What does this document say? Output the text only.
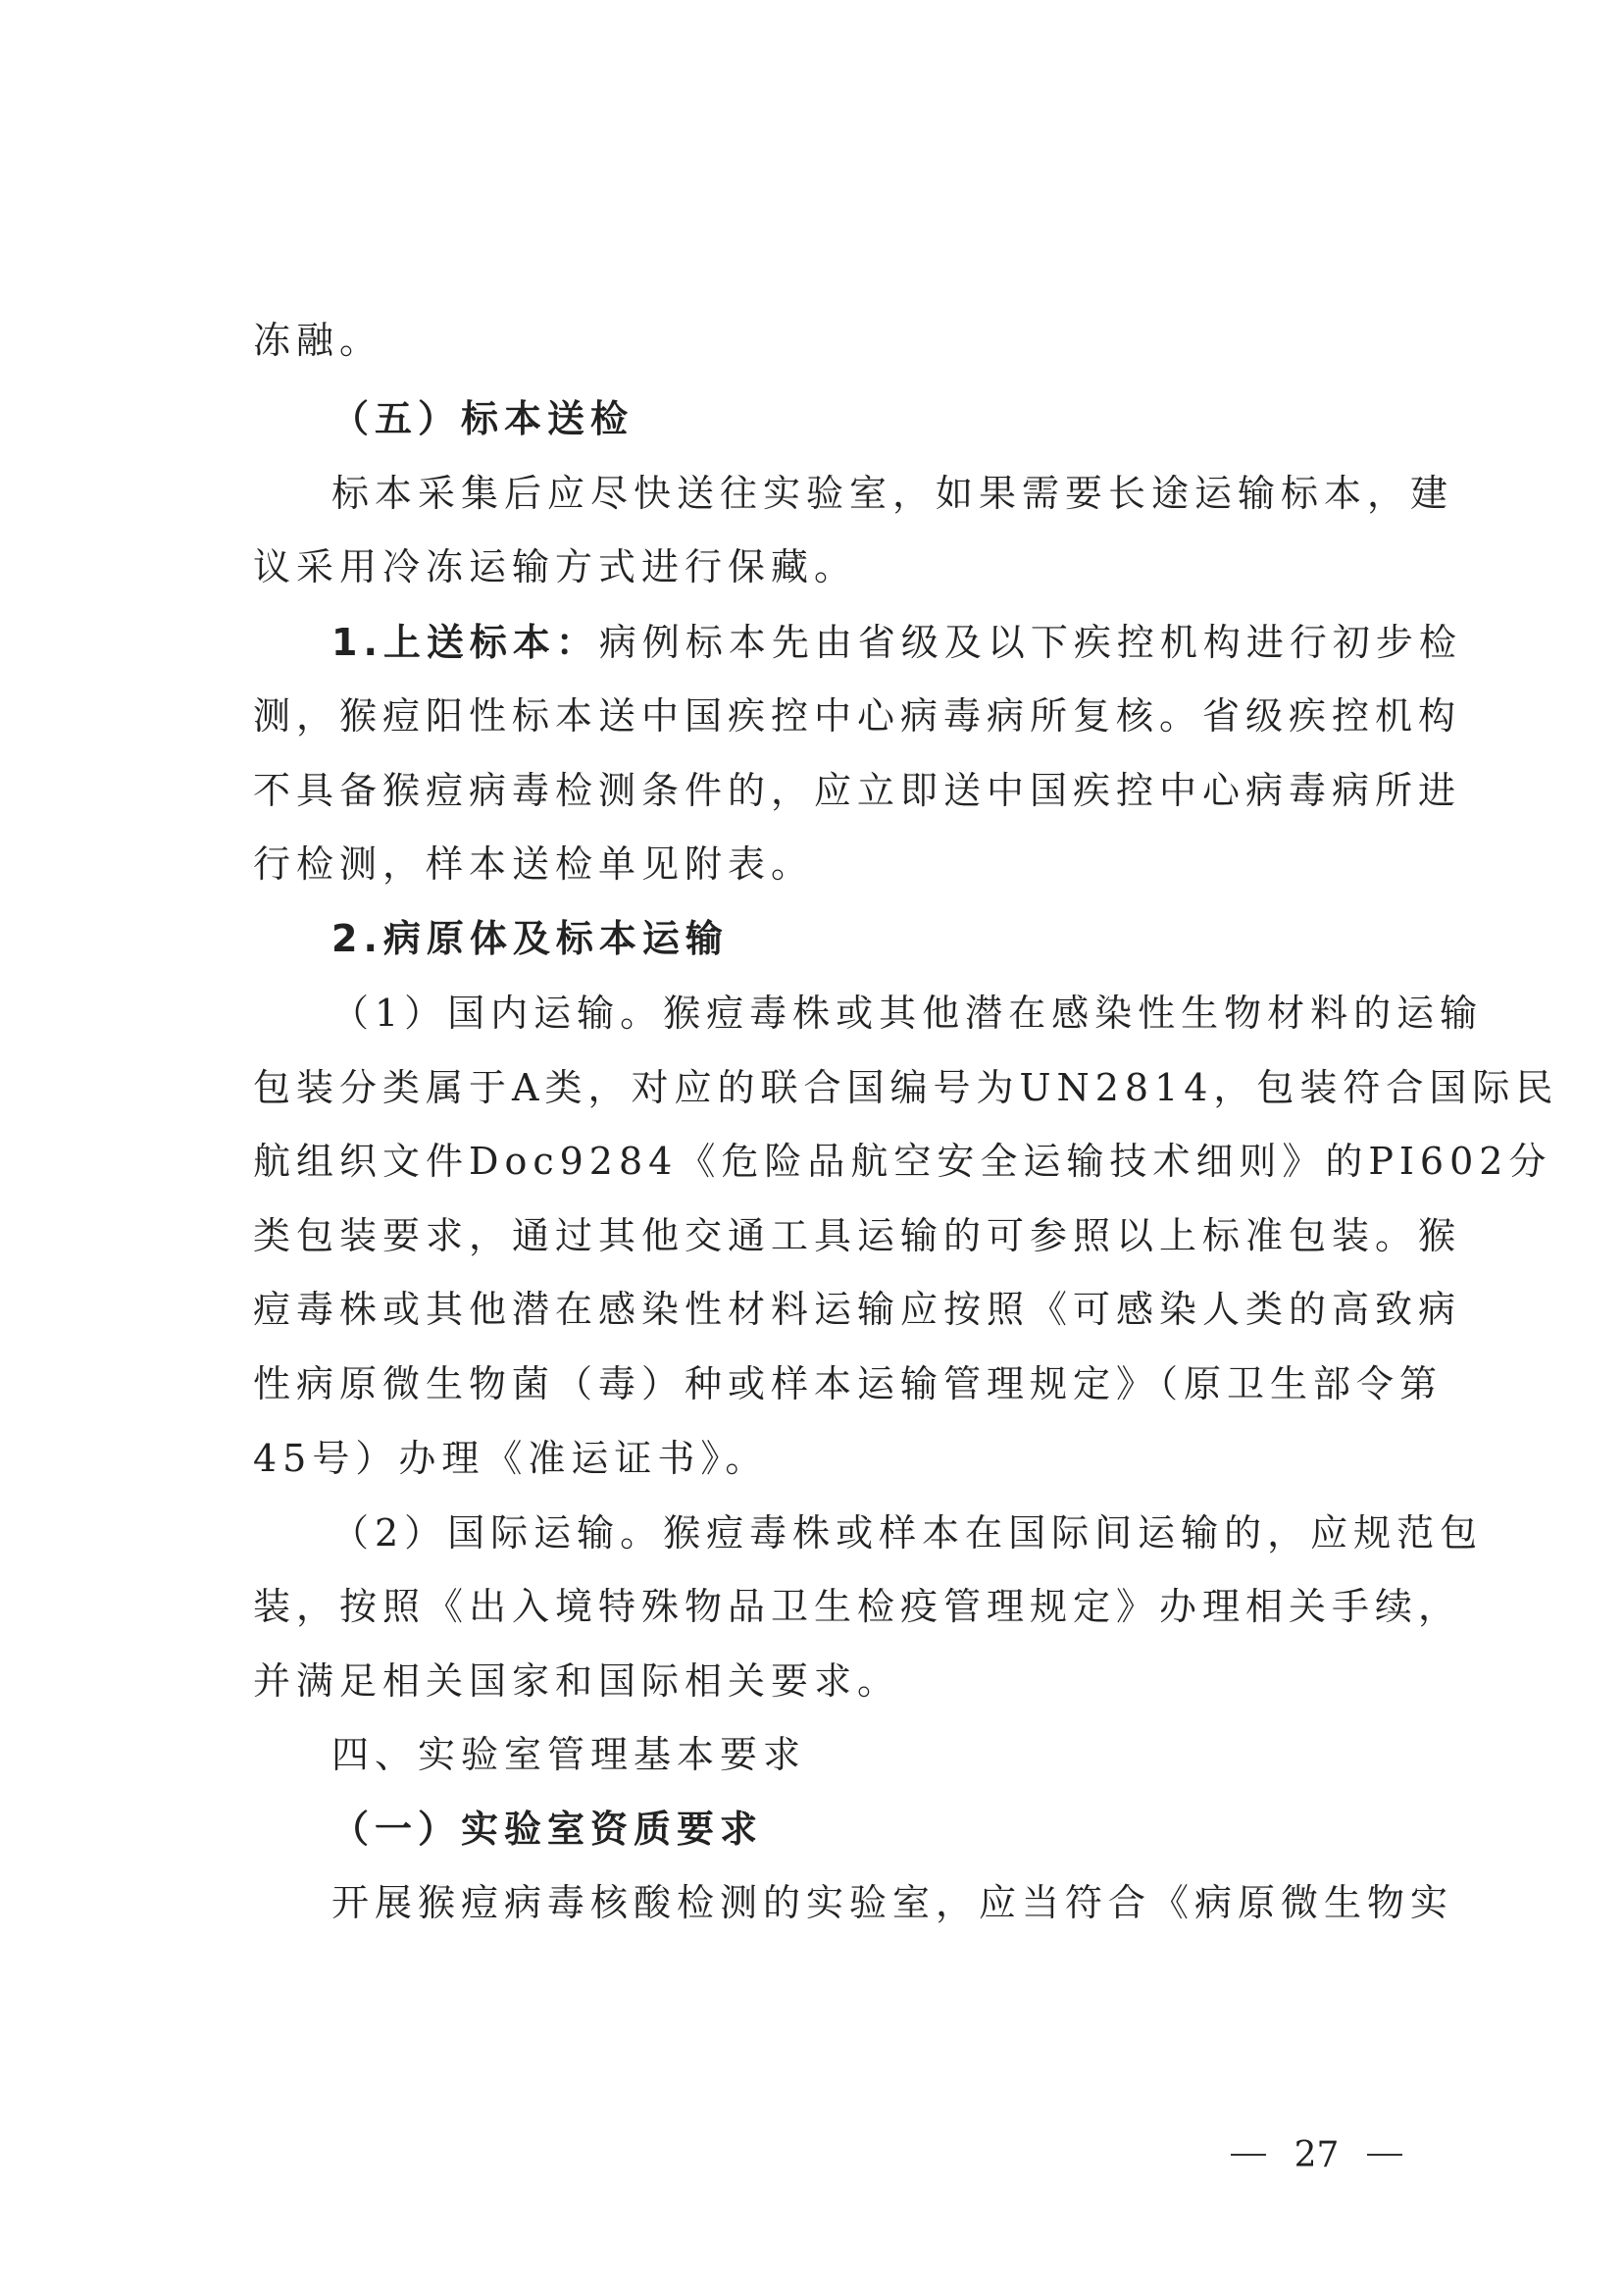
冻融。
（五）标本送检
标本采集后应尽快送往实验室，如果需要长途运输标本，建
议采用冷冻运输方式进行保藏。
1.上送标本：病例标本先由省级及以下疾控机构进行初步检
测，猴痘阳性标本送中国疾控中心病毒病所复核。省级疾控机构
不具备猴痘病毒检测条件的，应立即送中国疾控中心病毒病所进
行检测，样本送检单见附表。
2.病原体及标本运输
（1）国内运输。猴痘毒株或其他潜在感染性生物材料的运输
包装分类属于A类，对应的联合国编号为UN2814，包装符合国际民
航组织文件Doc9284《危险品航空安全运输技术细则》的PI602分
类包装要求，通过其他交通工具运输的可参照以上标准包装。猴
痘毒株或其他潜在感染性材料运输应按照《可感染人类的高致病
性病原微生物菌（毒）种或样本运输管理规定》（原卫生部令第
45号）办理《准运证书》。
（2）国际运输。猴痘毒株或样本在国际间运输的，应规范包
装，按照《出入境特殊物品卫生检疫管理规定》办理相关手续，
并满足相关国家和国际相关要求。
四、实验室管理基本要求
（一）实验室资质要求
开展猴痘病毒核酸检测的实验室，应当符合《病原微生物实
27
